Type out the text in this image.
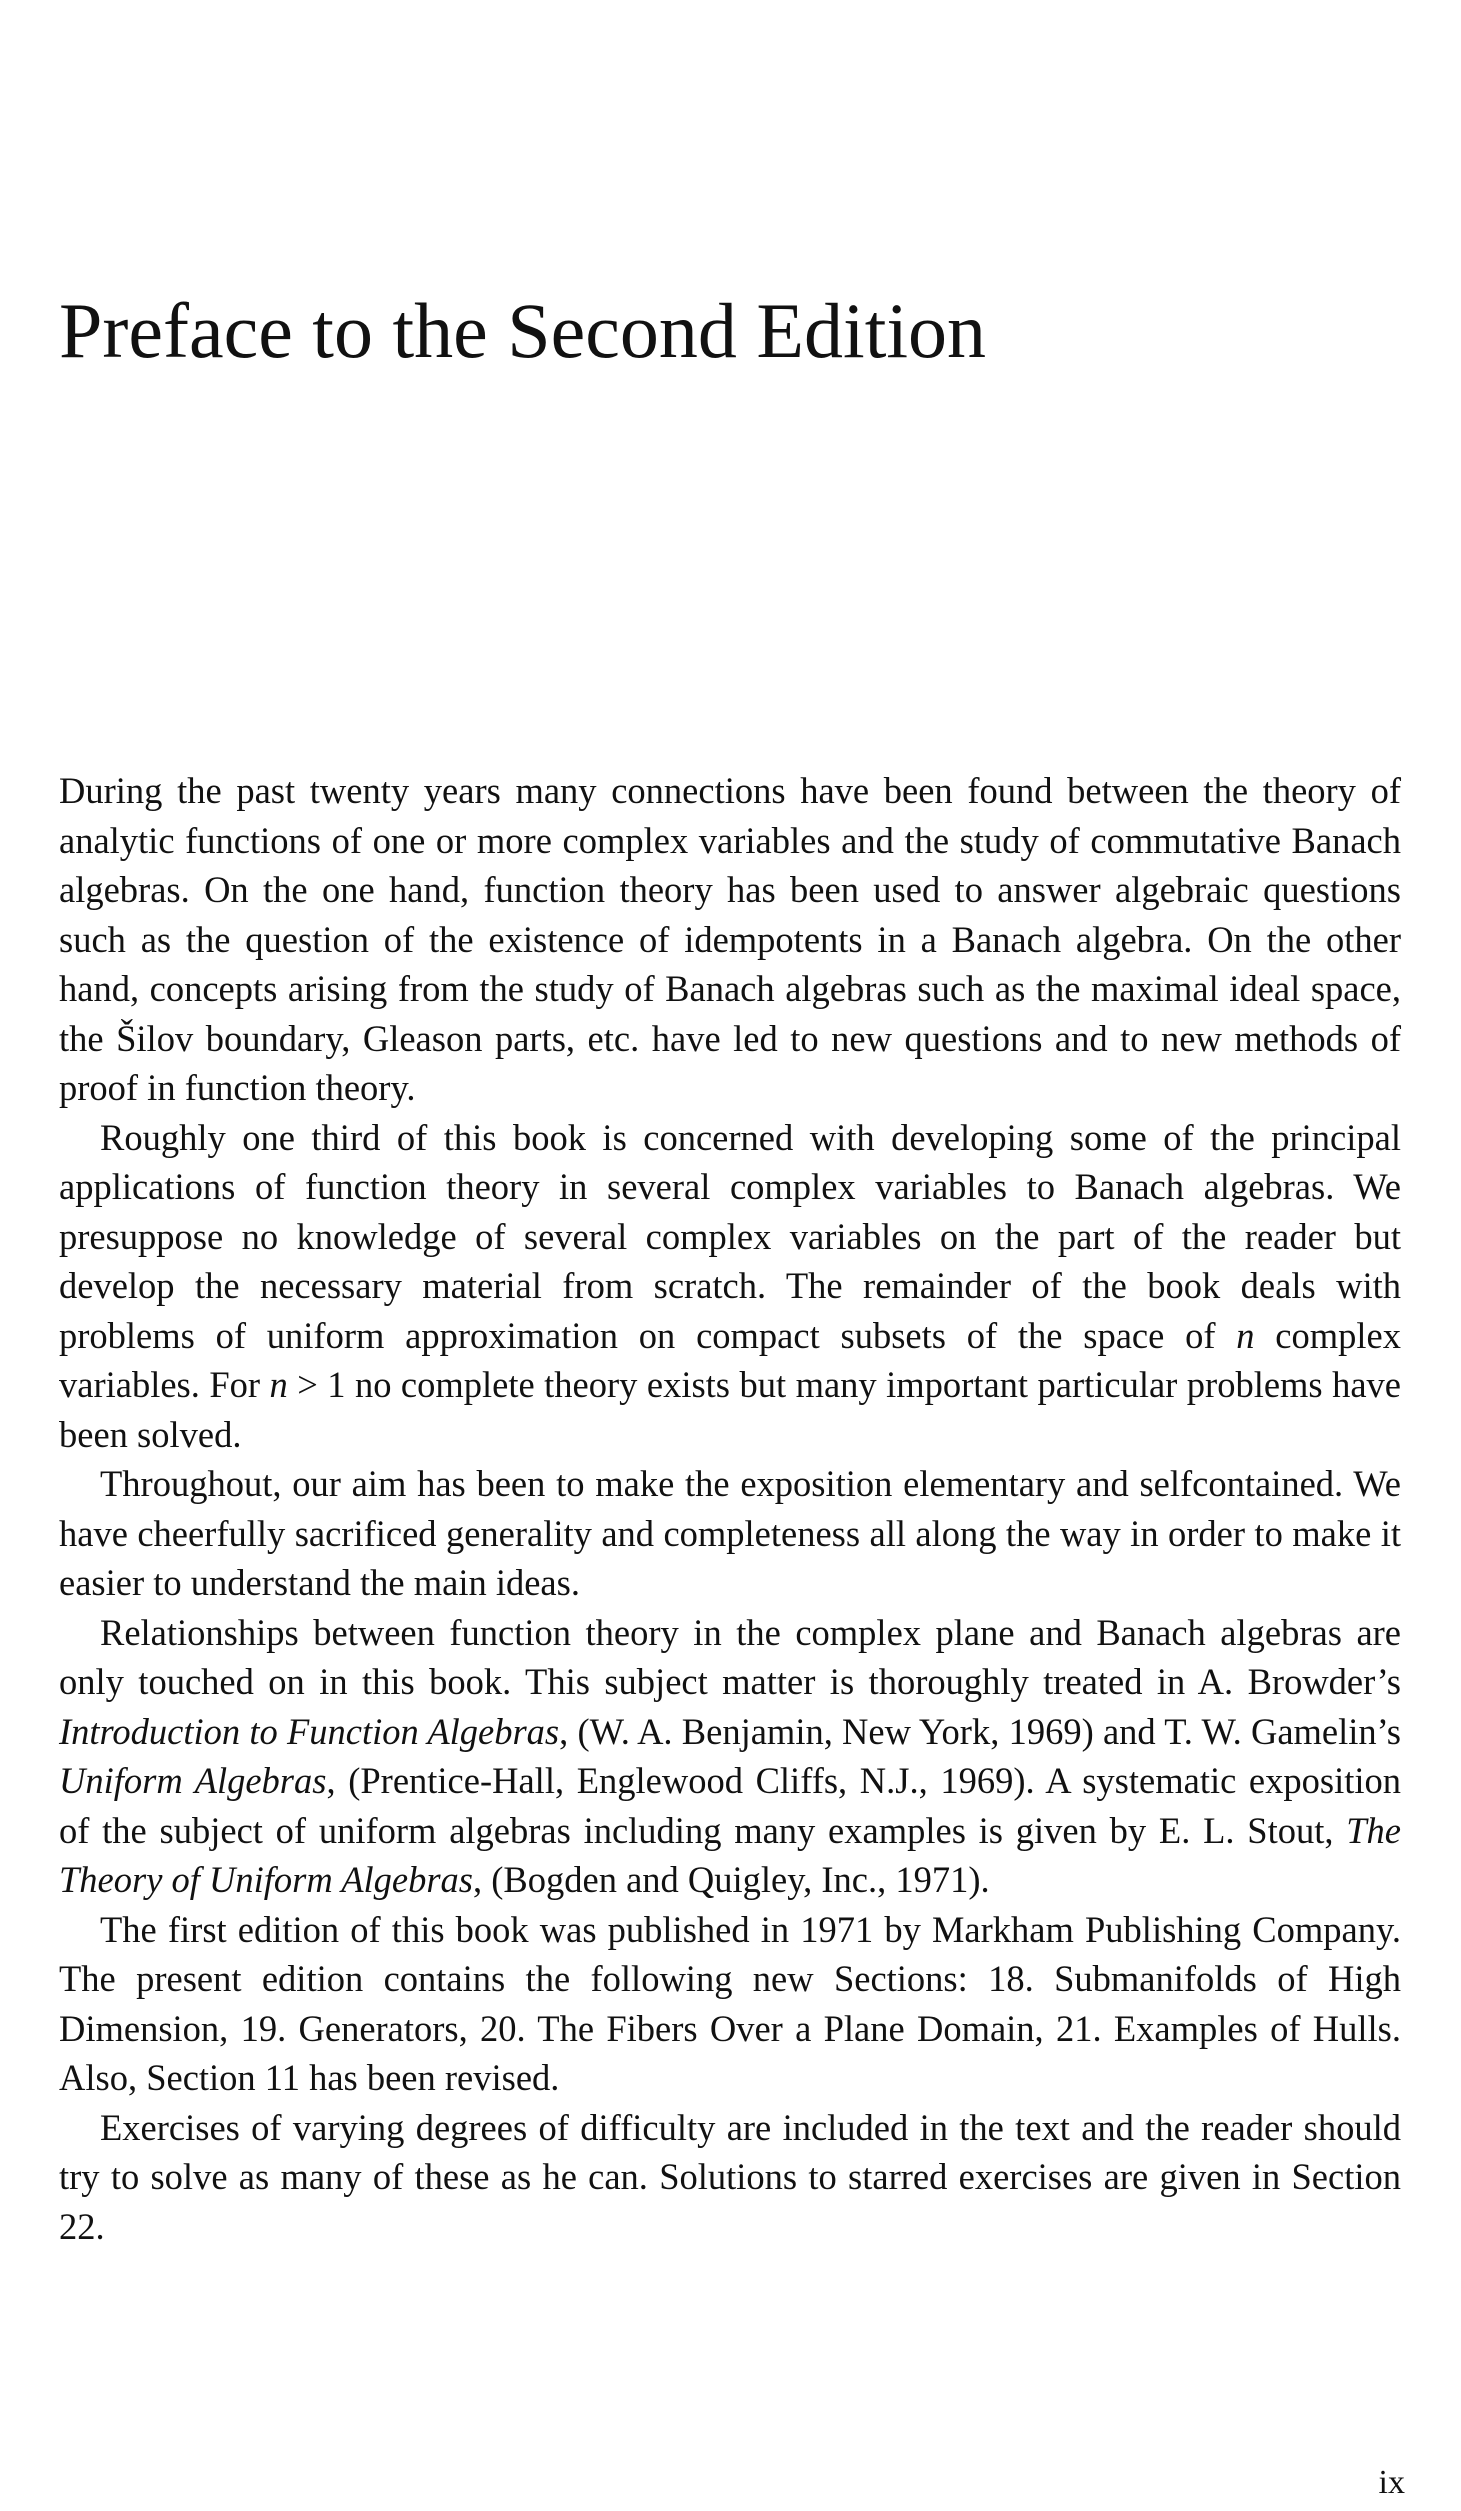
Preface to the Second Edition

During the past twenty years many connections have been found between the theory of analytic functions of one or more complex variables and the study of commutative Banach algebras. On the one hand, function theory has been used to answer algebraic questions such as the question of the existence of idempotents in a Banach algebra. On the other hand, concepts arising from the study of Banach algebras such as the maximal ideal space, the Šilov boundary, Gleason parts, etc. have led to new questions and to new methods of proof in function theory.

Roughly one third of this book is concerned with developing some of the principal applications of function theory in several complex variables to Banach algebras. We presuppose no knowledge of several complex variables on the part of the reader but develop the necessary material from scratch. The remainder of the book deals with problems of uniform approximation on compact subsets of the space of n complex variables. For n > 1 no complete theory exists but many important particular problems have been solved.

Throughout, our aim has been to make the exposition elementary and selfcontained. We have cheerfully sacrificed generality and completeness all along the way in order to make it easier to understand the main ideas.

Relationships between function theory in the complex plane and Banach algebras are only touched on in this book. This subject matter is thoroughly treated in A. Browder’s Introduction to Function Algebras, (W. A. Benjamin, New York, 1969) and T. W. Gamelin’s Uniform Algebras, (Prentice-Hall, Englewood Cliffs, N.J., 1969). A systematic exposition of the subject of uniform algebras including many examples is given by E. L. Stout, The Theory of Uniform Algebras, (Bogden and Quigley, Inc., 1971).

The first edition of this book was published in 1971 by Markham Publishing Company. The present edition contains the following new Sections: 18. Submanifolds of High Dimension, 19. Generators, 20. The Fibers Over a Plane Domain, 21. Examples of Hulls. Also, Section 11 has been revised.

Exercises of varying degrees of difficulty are included in the text and the reader should try to solve as many of these as he can. Solutions to starred exercises are given in Section 22.

ix
